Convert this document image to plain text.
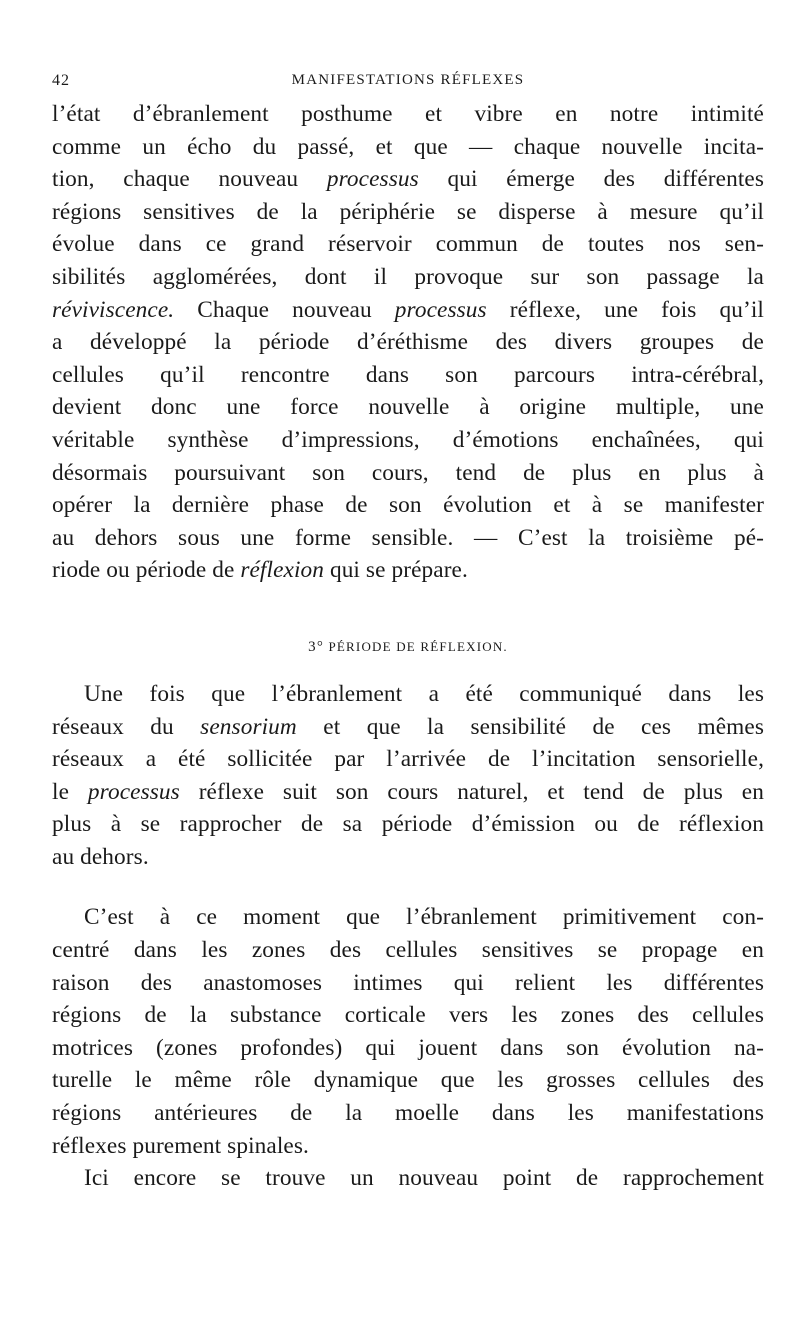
42	MANIFESTATIONS RÉFLEXES

l’état d’ébranlement posthume et vibre en notre intimité
comme un écho du passé, et que — chaque nouvelle incita-
tion, chaque nouveau processus qui émerge des différentes
régions sensitives de la périphérie se disperse à mesure qu’il
évolue dans ce grand réservoir commun de toutes nos sen-
sibilités agglomérées, dont il provoque sur son passage la
réviviscence. Chaque nouveau processus réflexe, une fois qu’il
a développé la période d’éréthisme des divers groupes de
cellules qu’il rencontre dans son parcours intra-cérébral,
devient donc une force nouvelle à origine multiple, une
véritable synthèse d’impressions, d’émotions enchaînées, qui
désormais poursuivant son cours, tend de plus en plus à
opérer la dernière phase de son évolution et à se manifester
au dehors sous une forme sensible. — C’est la troisième pé-
riode ou période de réflexion qui se prépare.

3° PÉRIODE DE RÉFLEXION.

Une fois que l’ébranlement a été communiqué dans les
réseaux du sensorium et que la sensibilité de ces mêmes
réseaux a été sollicitée par l’arrivée de l’incitation sensorielle,
le processus réflexe suit son cours naturel, et tend de plus en
plus à se rapprocher de sa période d’émission ou de réflexion
au dehors.

C’est à ce moment que l’ébranlement primitivement con-
centré dans les zones des cellules sensitives se propage en
raison des anastomoses intimes qui relient les différentes
régions de la substance corticale vers les zones des cellules
motrices (zones profondes) qui jouent dans son évolution na-
turelle le même rôle dynamique que les grosses cellules des
régions antérieures de la moelle dans les manifestations
réflexes purement spinales.

Ici encore se trouve un nouveau point de rapprochement
